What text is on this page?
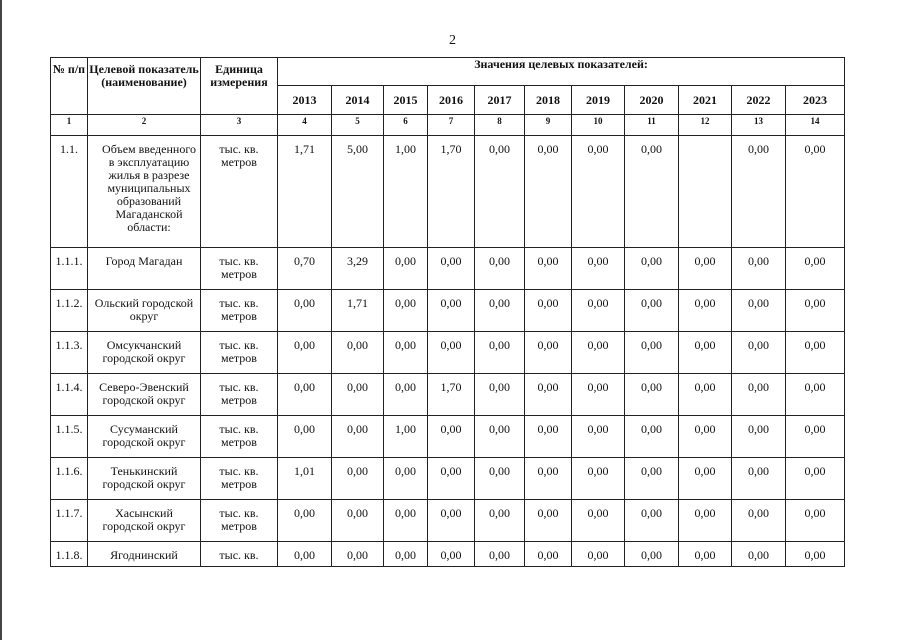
2
№ п/п	Целевой показатель (наименование)	Единица измерения	Значения целевых показателей:										
			2013	2014	2015	2016	2017	2018	2019	2020	2021	2022	2023
1	2	3	4	5	6	7	8	9	10	11	12	13	14
1.1.	Объем введенного в эксплуатацию жилья в разрезе муниципальных образований Магаданской области:	тыс. кв. метров	1,71	5,00	1,00	1,70	0,00	0,00	0,00	0,00		0,00	0,00
1.1.1.	Город Магадан	тыс. кв. метров	0,70	3,29	0,00	0,00	0,00	0,00	0,00	0,00	0,00	0,00	0,00
1.1.2.	Ольский городской округ	тыс. кв. метров	0,00	1,71	0,00	0,00	0,00	0,00	0,00	0,00	0,00	0,00	0,00
1.1.3.	Омсукчанский городской округ	тыс. кв. метров	0,00	0,00	0,00	0,00	0,00	0,00	0,00	0,00	0,00	0,00	0,00
1.1.4.	Северо-Эвенский городской округ	тыс. кв. метров	0,00	0,00	0,00	1,70	0,00	0,00	0,00	0,00	0,00	0,00	0,00
1.1.5.	Сусуманский городской округ	тыс. кв. метров	0,00	0,00	1,00	0,00	0,00	0,00	0,00	0,00	0,00	0,00	0,00
1.1.6.	Тенькинский городской округ	тыс. кв. метров	1,01	0,00	0,00	0,00	0,00	0,00	0,00	0,00	0,00	0,00	0,00
1.1.7.	Хасынский городской округ	тыс. кв. метров	0,00	0,00	0,00	0,00	0,00	0,00	0,00	0,00	0,00	0,00	0,00
1.1.8.	Ягоднинский	тыс. кв.	0,00	0,00	0,00	0,00	0,00	0,00	0,00	0,00	0,00	0,00	0,00
